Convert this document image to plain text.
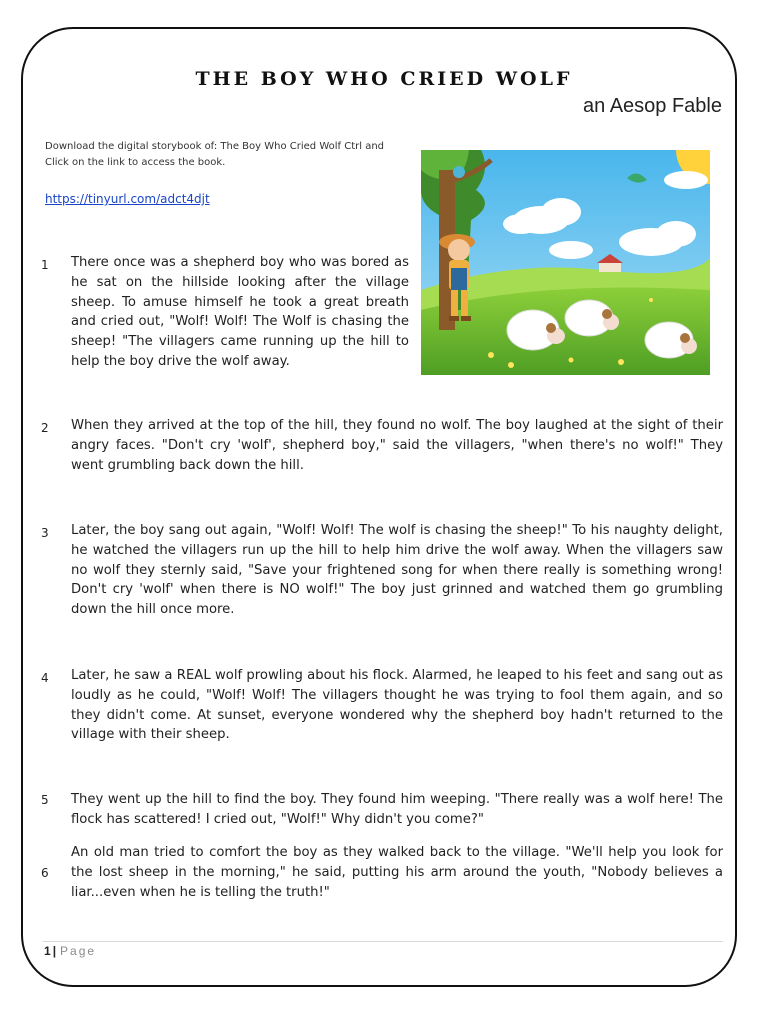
THE BOY WHO CRIED WOLF

an Aesop Fable

Download the digital storybook of: The Boy Who Cried Wolf Ctrl and Click on the link to access the book.
https://tinyurl.com/adct4djt
1 There once was a shepherd boy who was bored as he sat on the hillside looking after the village sheep. To amuse himself he took a great breath and cried out, "Wolf! Wolf! The Wolf is chasing the sheep! "The villagers came running up the hill to help the boy drive the wolf away.
2 When they arrived at the top of the hill, they found no wolf. The boy laughed at the sight of their angry faces. "Don't cry 'wolf', shepherd boy," said the villagers, "when there's no wolf!" They went grumbling back down the hill.
3 Later, the boy sang out again, "Wolf! Wolf! The wolf is chasing the sheep!" To his naughty delight, he watched the villagers run up the hill to help him drive the wolf away. When the villagers saw no wolf they sternly said, "Save your frightened song for when there really is something wrong! Don't cry 'wolf' when there is NO wolf!" The boy just grinned and watched them go grumbling down the hill once more.
4 Later, he saw a REAL wolf prowling about his flock. Alarmed, he leaped to his feet and sang out as loudly as he could, "Wolf! Wolf! The villagers thought he was trying to fool them again, and so they didn't come. At sunset, everyone wondered why the shepherd boy hadn't returned to the village with their sheep.
5 They went up the hill to find the boy. They found him weeping. "There really was a wolf here! The flock has scattered! I cried out, "Wolf!" Why didn't you come?"
6
An old man tried to comfort the boy as they walked back to the village. "We'll help you look for the lost sheep in the morning," he said, putting his arm around the youth, "Nobody believes a liar...even when he is telling the truth!"
1 | Page
